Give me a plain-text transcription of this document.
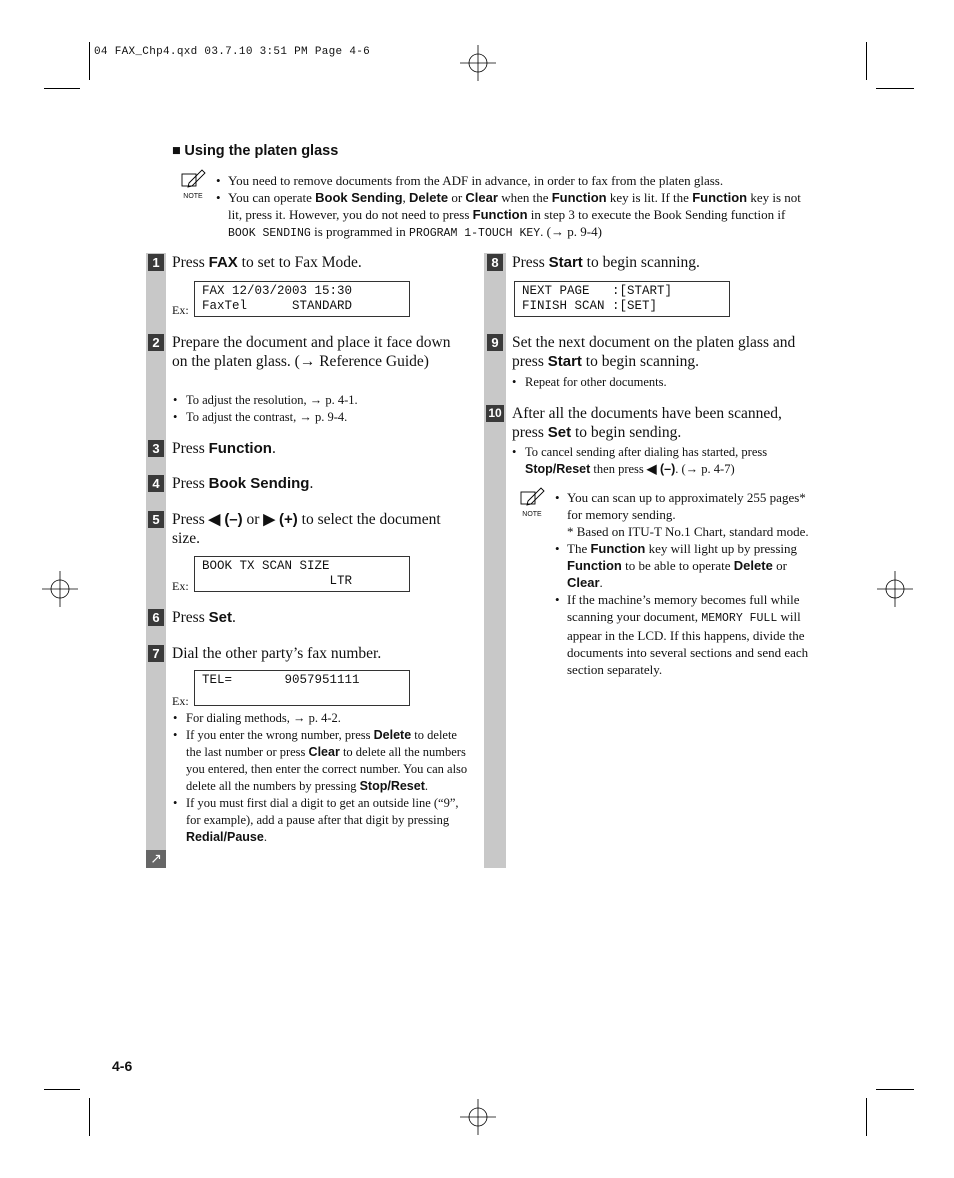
04 FAX_Chp4.qxd 03.7.10 3:51 PM Page 4-6
■ Using the platen glass
NOTE
• You need to remove documents from the ADF in advance, in order to fax from the platen glass.
• You can operate Book Sending, Delete or Clear when the Function key is lit. If the Function key is not lit, press it. However, you do not need to press Function in step 3 to execute the Book Sending function if BOOK SENDING is programmed in PROGRAM 1-TOUCH KEY. (→ p. 9-4)
1 Press FAX to set to Fax Mode.
Ex:
FAX 12/03/2003 15:30
FaxTel      STANDARD
2 Prepare the document and place it face down on the platen glass. (→ Reference Guide)
• To adjust the resolution, → p. 4-1.
• To adjust the contrast, → p. 9-4.
3 Press Function.
4 Press Book Sending.
5 Press ◀ (–) or ▶ (+) to select the document size.
Ex:
BOOK TX SCAN SIZE
LTR
6 Press Set.
7 Dial the other party’s fax number.
Ex:
TEL=       9057951111
• For dialing methods, → p. 4-2.
• If you enter the wrong number, press Delete to delete the last number or press Clear to delete all the numbers you entered, then enter the correct number. You can also delete all the numbers by pressing Stop/Reset.
• If you must first dial a digit to get an outside line (“9”, for example), add a pause after that digit by pressing Redial/Pause.
↗
8 Press Start to begin scanning.
NEXT PAGE   :[START]
FINISH SCAN :[SET]
9 Set the next document on the platen glass and press Start to begin scanning.
• Repeat for other documents.
10 After all the documents have been scanned, press Set to begin sending.
• To cancel sending after dialing has started, press Stop/Reset then press ◀ (–). (→ p. 4-7)
NOTE
• You can scan up to approximately 255 pages* for memory sending.
* Based on ITU-T No.1 Chart, standard mode.
• The Function key will light up by pressing Function to be able to operate Delete or Clear.
• If the machine’s memory becomes full while scanning your document, MEMORY FULL will appear in the LCD. If this happens, divide the documents into several sections and send each section separately.
4-6
